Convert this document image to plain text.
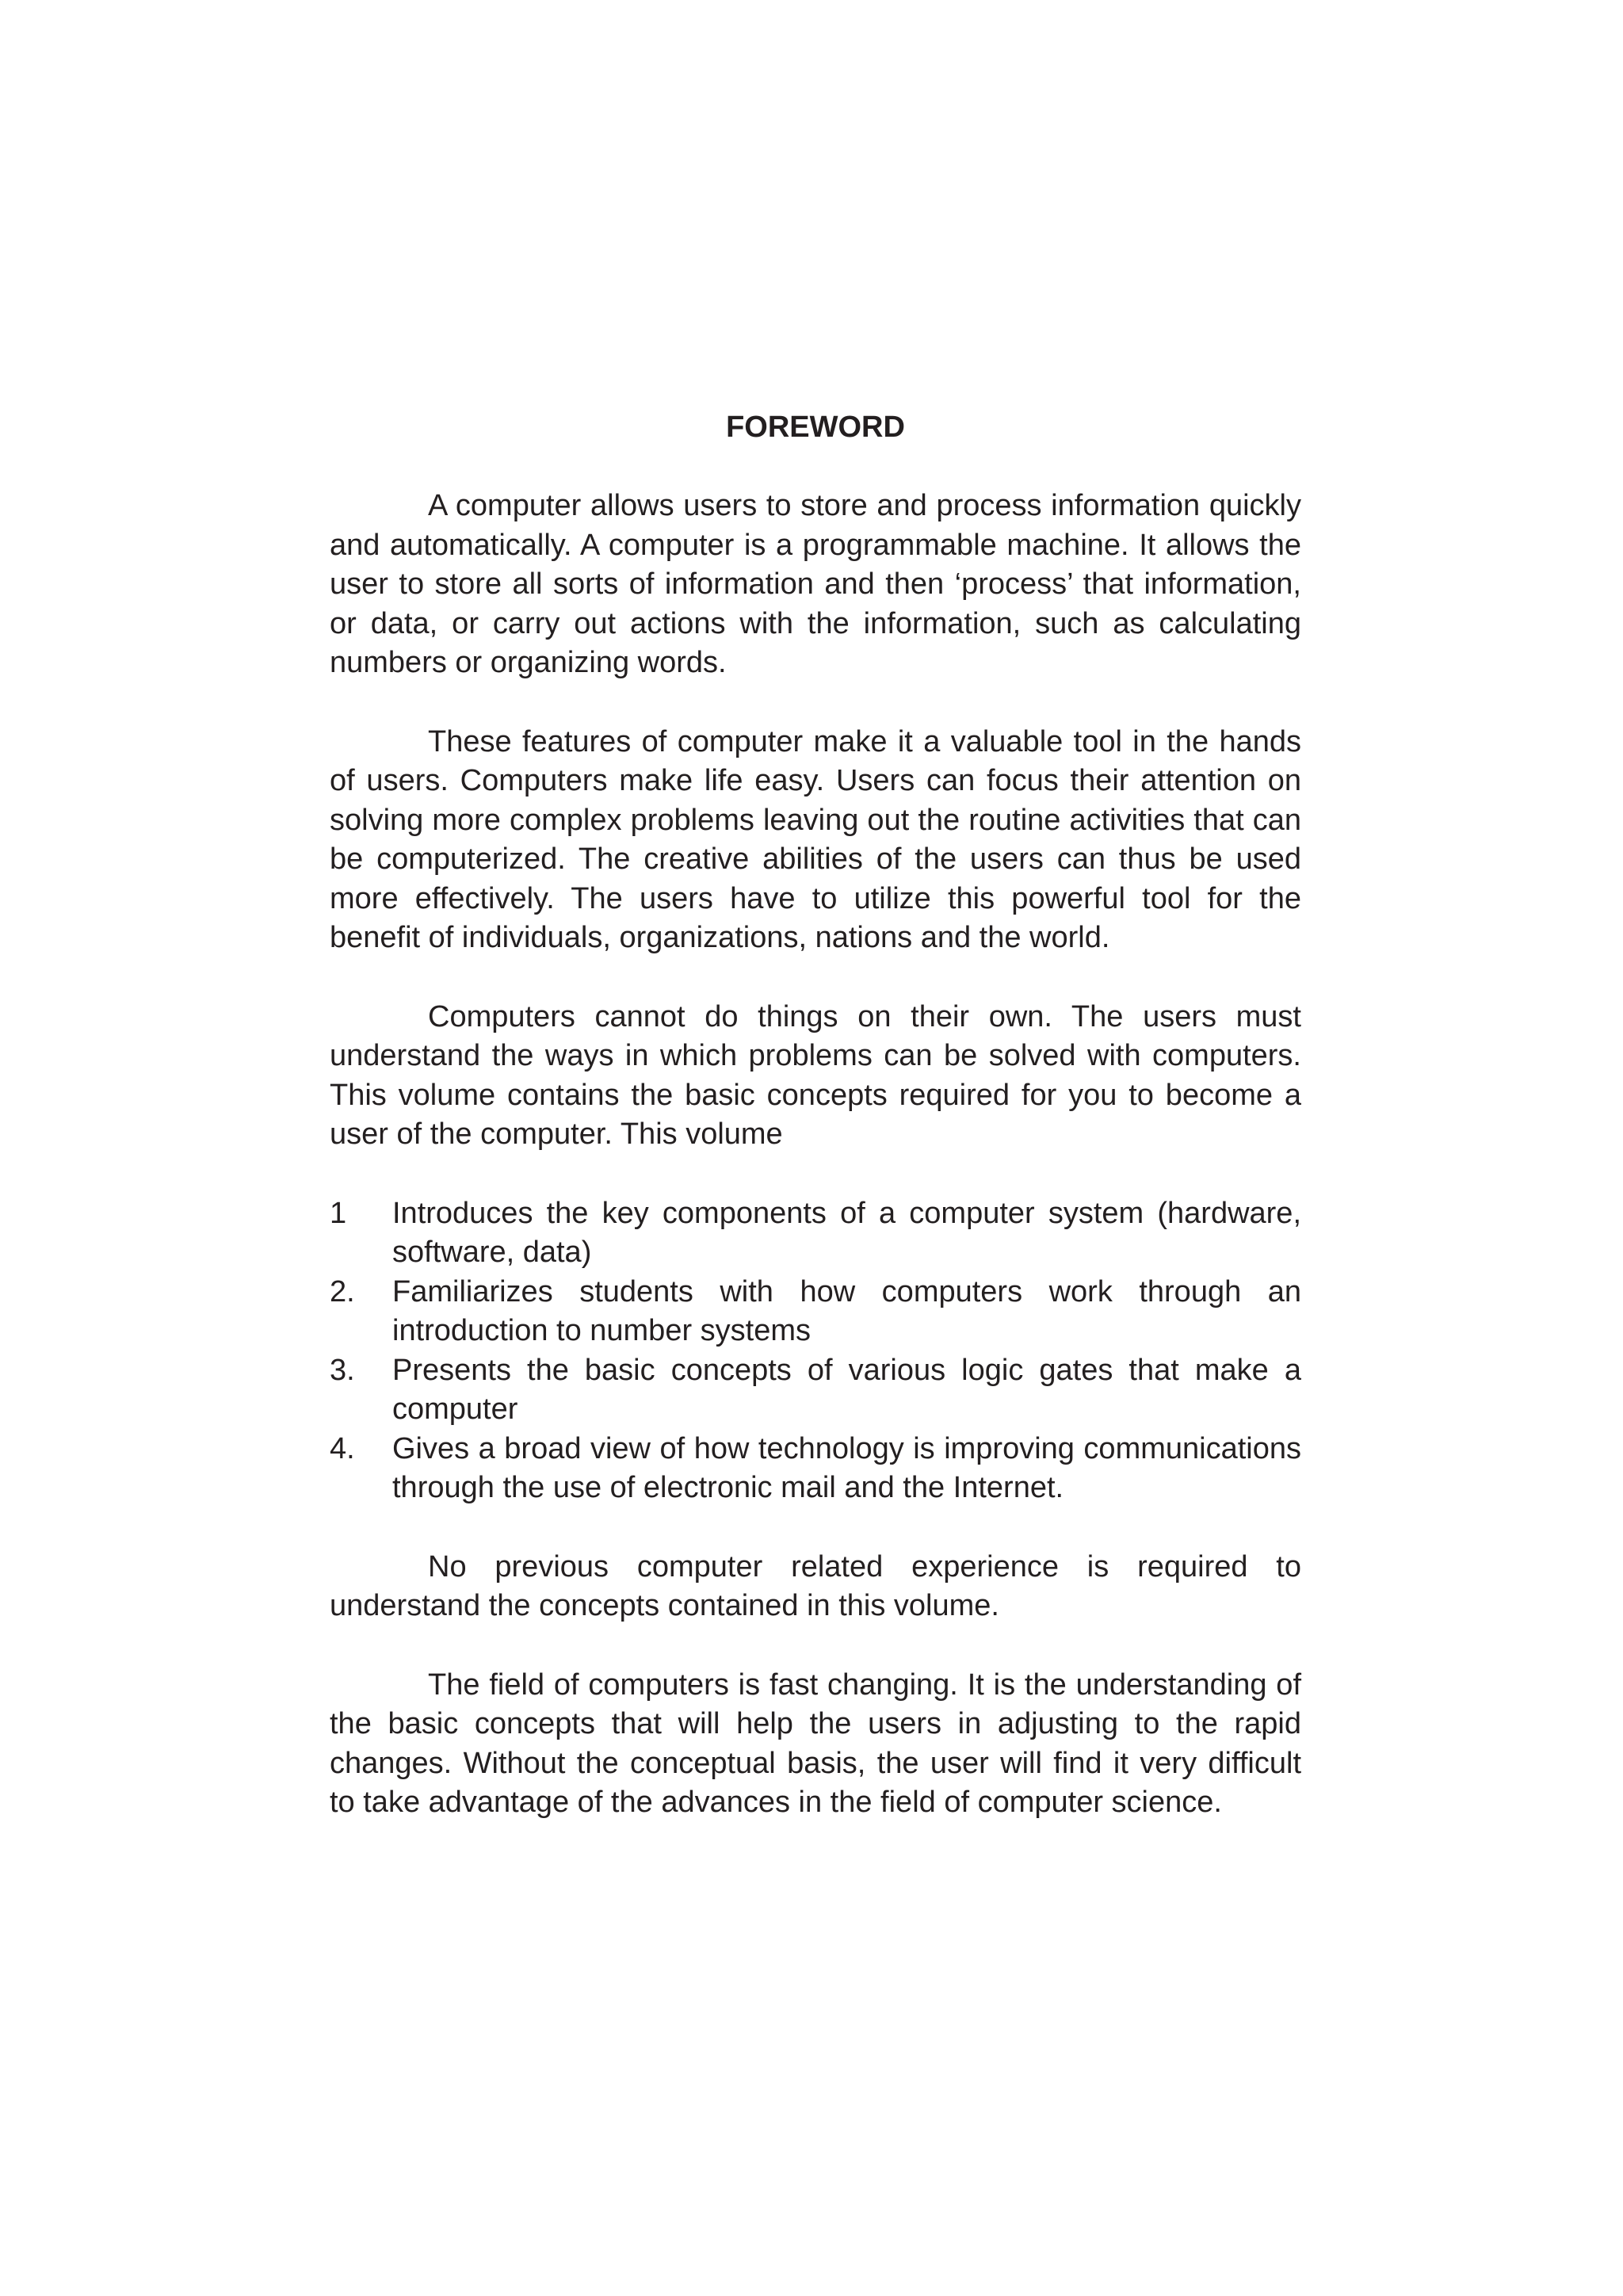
FOREWORD

A computer allows users to store and process information quickly and automatically. A computer is a programmable machine. It allows the user to store all sorts of information and then ‘process’ that information, or data, or carry out actions with the information, such as calculating numbers or organizing words.

These features of computer make it a valuable tool in the hands of users. Computers make life easy. Users can focus their attention on solving more complex problems leaving out the routine activities that can be computerized. The creative abilities of the users can thus be used more effectively. The users have to utilize this powerful tool for the benefit of individuals, organizations, nations and the world.

Computers cannot do things on their own. The users must understand the ways in which problems can be solved with computers. This volume contains the basic concepts required for you to become a user of the computer. This volume

1	Introduces the key components of a computer system (hardware, software, data)
2.	Familiarizes students with how computers work through an introduction to number systems
3.	Presents the basic concepts of various logic gates that make a computer
4.	Gives a broad view of how technology is improving communications through the use of electronic mail and the Internet.

No previous computer related experience is required to understand the concepts contained in this volume.

The field of computers is fast changing. It is the understanding of the basic concepts that will help the users in adjusting to the rapid changes. Without the conceptual basis, the user will find it very difficult to take advantage of the advances in the field of computer science.
